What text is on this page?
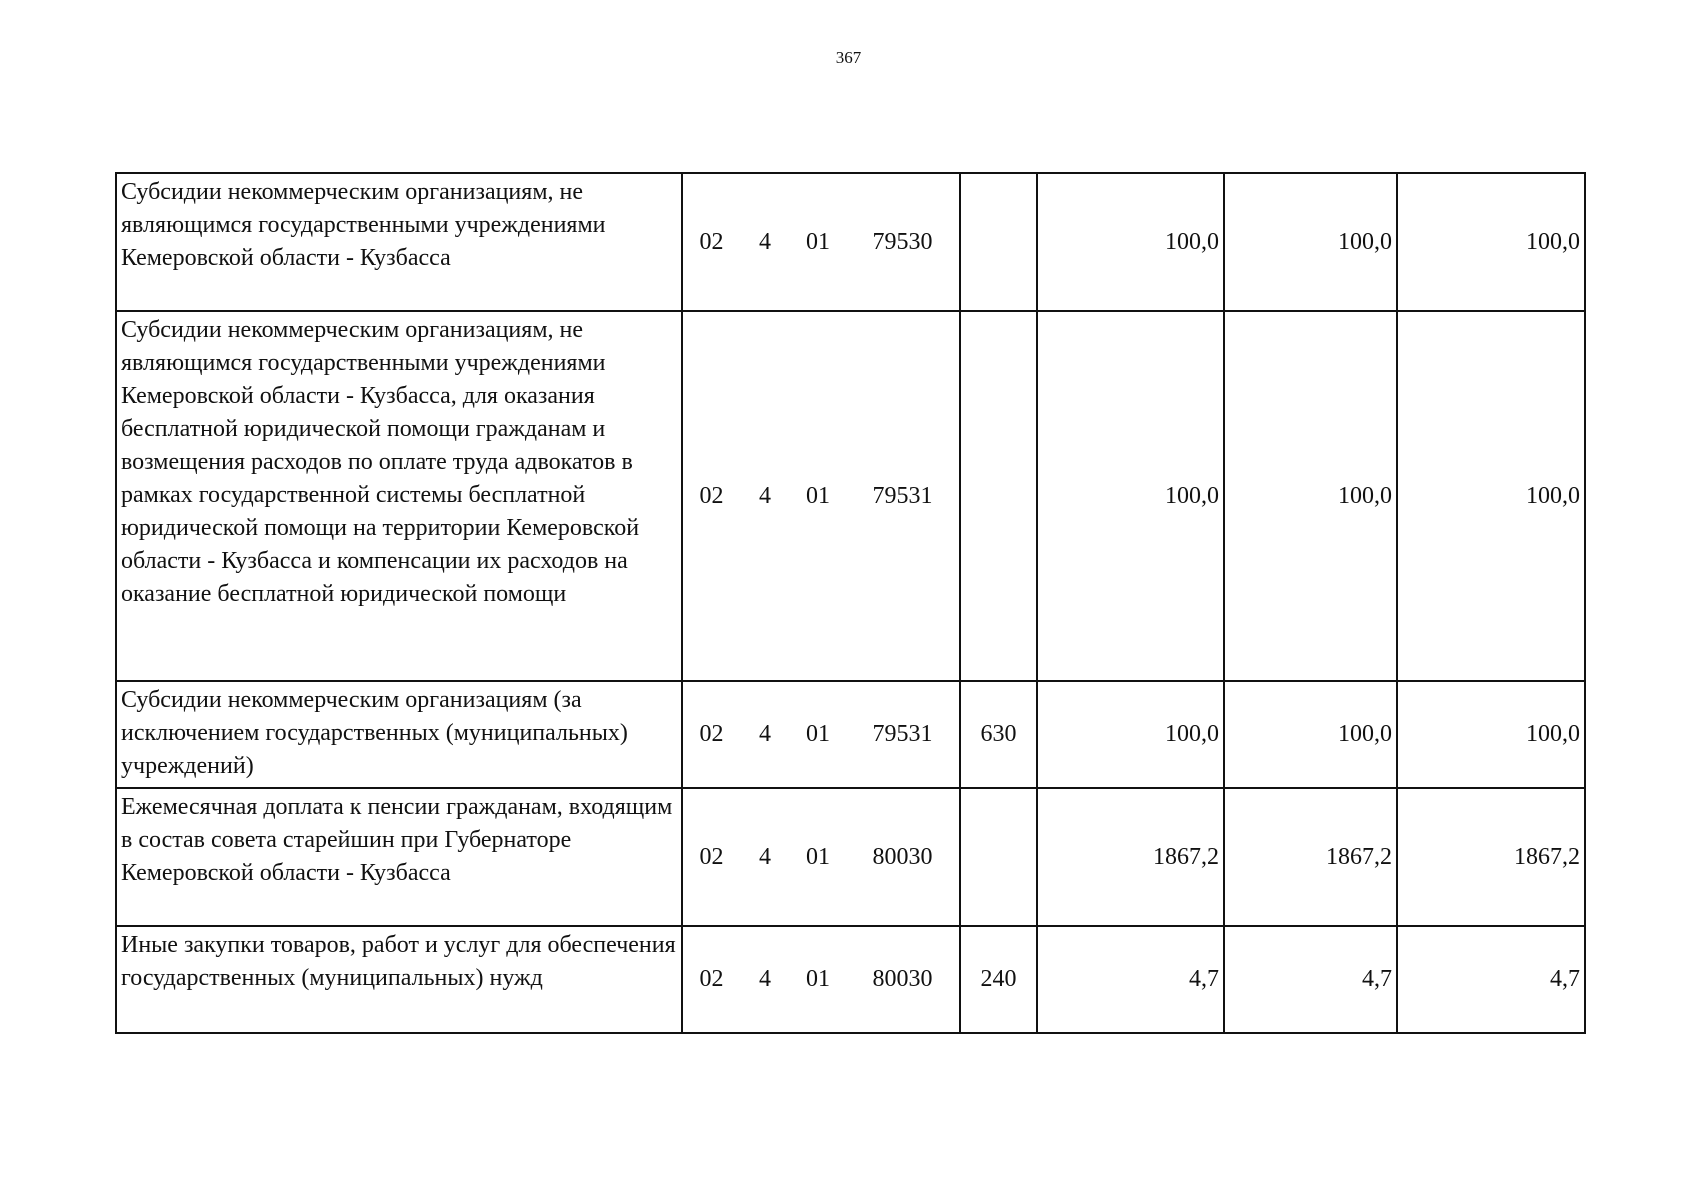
367
Субсидии некоммерческим организациям, не являющимся государственными учреждениями Кемеровской области - Кузбасса	02	4	01	79530		100,0	100,0	100,0
Субсидии некоммерческим организациям, не являющимся государственными учреждениями Кемеровской области - Кузбасса, для оказания бесплатной юридической помощи гражданам и возмещения расходов по оплате труда адвокатов в рамках государственной системы бесплатной юридической помощи на территории Кемеровской области - Кузбасса и компенсации их расходов на оказание бесплатной юридической помощи	02	4	01	79531		100,0	100,0	100,0
Субсидии некоммерческим организациям (за исключением государственных (муниципальных) учреждений)	02	4	01	79531	630	100,0	100,0	100,0
Ежемесячная доплата к пенсии гражданам, входящим в состав совета старейшин при Губернаторе Кемеровской области - Кузбасса	02	4	01	80030		1867,2	1867,2	1867,2
Иные закупки товаров, работ и услуг для обеспечения государственных (муниципальных) нужд	02	4	01	80030	240	4,7	4,7	4,7
